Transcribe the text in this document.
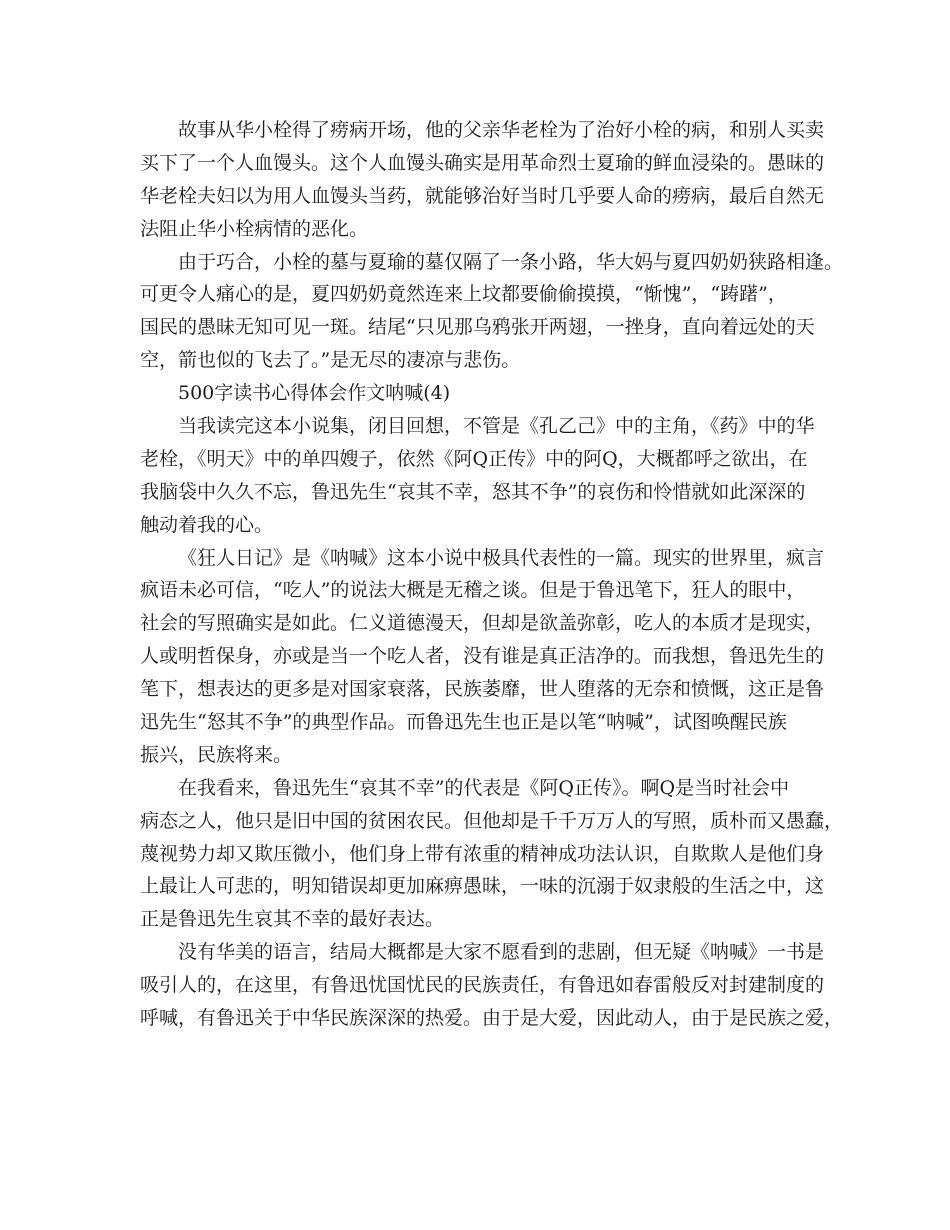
故事从华小栓得了痨病开场，他的父亲华老栓为了治好小栓的病，和别人买卖
买下了一个人血馒头。这个人血馒头确实是用革命烈士夏瑜的鲜血浸染的。愚昧的
华老栓夫妇以为用人血馒头当药，就能够治好当时几乎要人命的痨病，最后自然无
法阻止华小栓病情的恶化。
由于巧合，小栓的墓与夏瑜的墓仅隔了一条小路，华大妈与夏四奶奶狭路相逢。
可更令人痛心的是，夏四奶奶竟然连来上坟都要偷偷摸摸，“惭愧”，“踌躇”，
国民的愚昧无知可见一斑。结尾“只见那乌鸦张开两翅，一挫身，直向着远处的天
空，箭也似的飞去了。”是无尽的凄凉与悲伤。
500字读书心得体会作文呐喊(4)
当我读完这本小说集，闭目回想，不管是《孔乙己》中的主角，《药》中的华
老栓，《明天》中的单四嫂子，依然《阿Q正传》中的阿Q，大概都呼之欲出，在
我脑袋中久久不忘，鲁迅先生“哀其不幸，怒其不争”的哀伤和怜惜就如此深深的
触动着我的心。
《狂人日记》是《呐喊》这本小说中极具代表性的一篇。现实的世界里，疯言
疯语未必可信，“吃人”的说法大概是无稽之谈。但是于鲁迅笔下，狂人的眼中，
社会的写照确实是如此。仁义道德漫天，但却是欲盖弥彰，吃人的本质才是现实，
人或明哲保身，亦或是当一个吃人者，没有谁是真正洁净的。而我想，鲁迅先生的
笔下，想表达的更多是对国家衰落，民族萎靡，世人堕落的无奈和愤慨，这正是鲁
迅先生“怒其不争”的典型作品。而鲁迅先生也正是以笔“呐喊”，试图唤醒民族
振兴，民族将来。
在我看来，鲁迅先生“哀其不幸”的代表是《阿Q正传》。啊Q是当时社会中
病态之人，他只是旧中国的贫困农民。但他却是千千万万人的写照，质朴而又愚蠢，
蔑视势力却又欺压微小，他们身上带有浓重的精神成功法认识，自欺欺人是他们身
上最让人可悲的，明知错误却更加麻痹愚昧，一味的沉溺于奴隶般的生活之中，这
正是鲁迅先生哀其不幸的最好表达。
没有华美的语言，结局大概都是大家不愿看到的悲剧，但无疑《呐喊》一书是
吸引人的，在这里，有鲁迅忧国忧民的民族责任，有鲁迅如春雷般反对封建制度的
呼喊，有鲁迅关于中华民族深深的热爱。由于是大爱，因此动人，由于是民族之爱，
